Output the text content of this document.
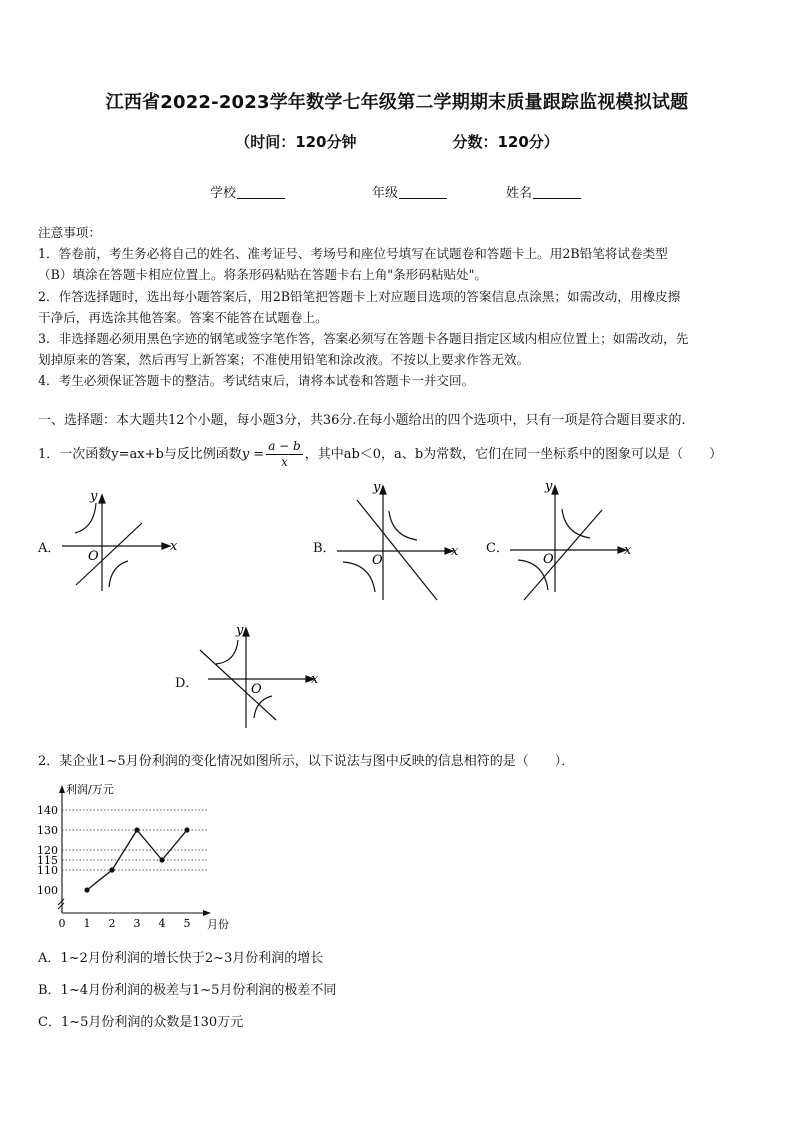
江西省2022-2023学年数学七年级第二学期期末质量跟踪监视模拟试题
（时间：120分钟	分数：120分）
学校	年级	姓名

注意事项：

1．答卷前，考生务必将自己的姓名、准考证号、考场号和座位号填写在试题卷和答题卡上。用2B铅笔将试卷类型

（B）填涂在答题卡相应位置上。将条形码粘贴在答题卡右上角"条形码粘贴处"。

2．作答选择题时，选出每小题答案后，用2B铅笔把答题卡上对应题目选项的答案信息点涂黑；如需改动，用橡皮擦

干净后，再选涂其他答案。答案不能答在试题卷上。

3．非选择题必须用黑色字迹的钢笔或签字笔作答，答案必须写在答题卡各题目指定区域内相应位置上；如需改动，先

划掉原来的答案，然后再写上新答案；不准使用铅笔和涂改液。不按以上要求作答无效。

4．考生必须保证答题卡的整洁。考试结束后，请将本试卷和答题卡一并交回。

一、选择题：本大题共12个小题，每小题3分，共36分.在每小题给出的四个选项中，只有一项是符合题目要求的.
1．一次函数y=ax+b与反比例函数$y = \frac{a - b}{x}$ ，其中ab＜0，a、b为常数，它们在同一坐标系中的图象可以是（　　）
A．	B．	C．
D．
y
x
O
y
x
O
y
x
O
y
x
O
2．某企业1~5月份利润的变化情况如图所示，以下说法与图中反映的信息相符的是（　　）．
100
110
115
120
130
140
0 1 2 3 4 5
利润/万元
月份
A．1~2月份利润的增长快于2~3月份利润的增长
B．1~4月份利润的极差与1~5月份利润的极差不同
C．1~5月份利润的众数是130万元
